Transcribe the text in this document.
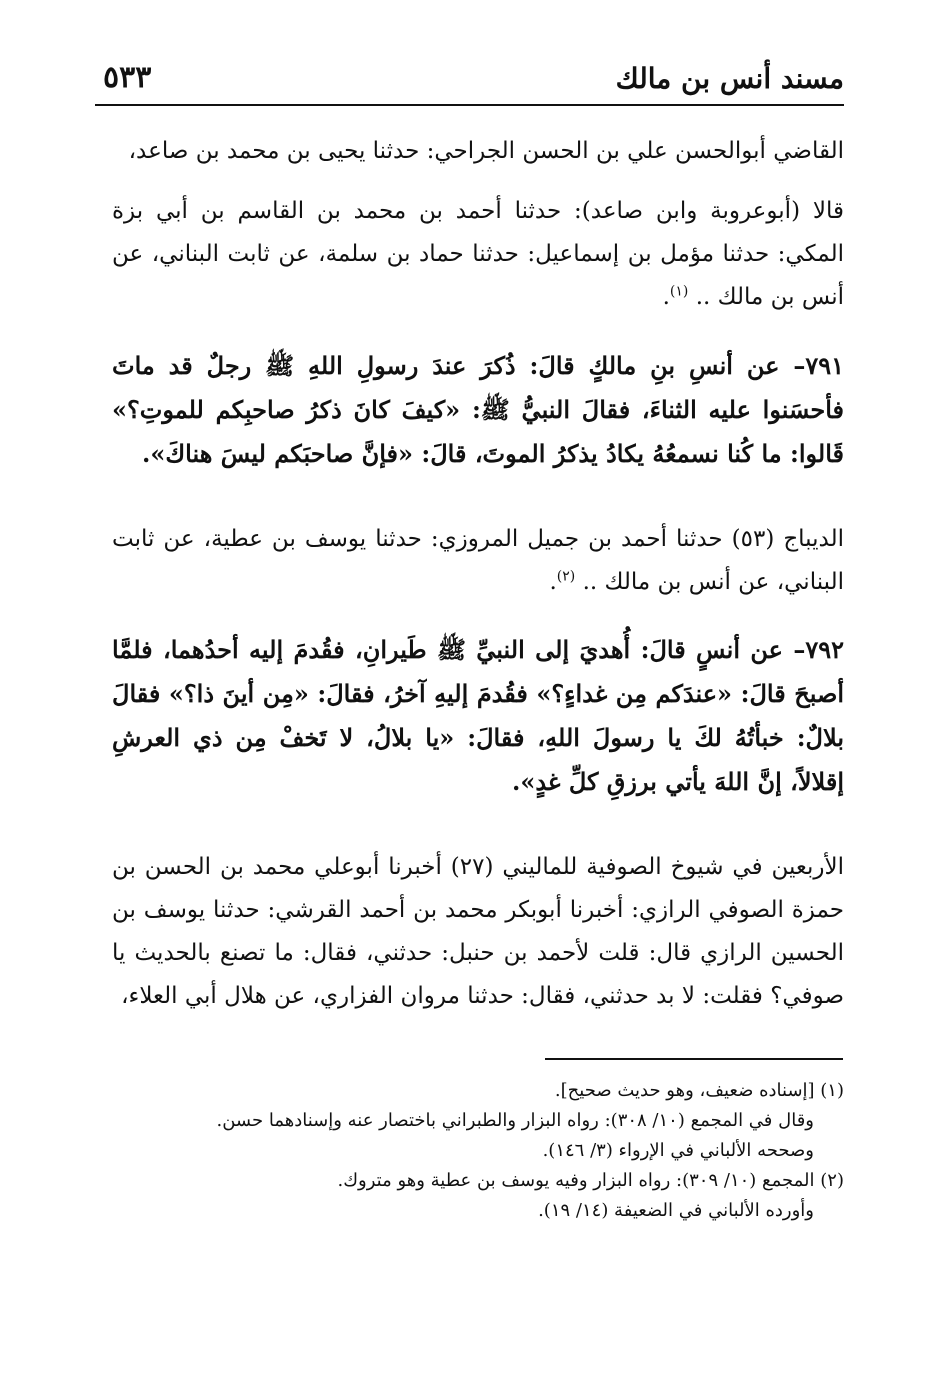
مسند أنس بن مالك
٥٣٣
القاضي أبوالحسن علي بن الحسن الجراحي: حدثنا يحيى بن محمد بن صاعد،
قالا (أبوعروبة وابن صاعد): حدثنا أحمد بن محمد بن القاسم بن أبي بزة المكي: حدثنا مؤمل بن إسماعيل: حدثنا حماد بن سلمة، عن ثابت البناني، عن أنس بن مالك .. $^{(١)}$.
٧٩١– عن أنسِ بنِ مالكٍ قالَ: ذُكرَ عندَ رسولِ اللهِ ﷺ رجلٌ قد ماتَ فأحسَنوا عليه الثناءَ، فقالَ النبيُّ ﷺ: «كيفَ كانَ ذكرُ صاحبِكم للموتِ؟» قَالوا: ما كُنا نسمعُهُ يكادُ يذكرُ الموتَ، قالَ: «فإنَّ صاحبَكم ليسَ هناكَ».
الديباج (٥٣) حدثنا أحمد بن جميل المروزي: حدثنا يوسف بن عطية، عن ثابت البناني، عن أنس بن مالك .. $^{(٢)}$.
٧٩٢– عن أنسٍ قالَ: أُهديَ إلى النبيِّ ﷺ طَيرانِ، فقُدمَ إليه أحدُهما، فلمَّا أصبحَ قالَ: «عندَكم مِن غداءٍ؟» فقُدمَ إليهِ آخرُ، فقالَ: «مِن أينَ ذا؟» فقالَ بلالٌ: خبأتُهُ لكَ يا رسولَ اللهِ، فقالَ: «يا بلالُ، لا تَخفْ مِن ذي العرشِ إقلالاً، إنَّ اللهَ يأتي برزقِ كلِّ غدٍ».
الأربعين في شيوخ الصوفية للماليني (٢٧) أخبرنا أبوعلي محمد بن الحسن بن حمزة الصوفي الرازي: أخبرنا أبوبكر محمد بن أحمد القرشي: حدثنا يوسف بن الحسين الرازي قال: قلت لأحمد بن حنبل: حدثني، فقال: ما تصنع بالحديث يا صوفي؟ فقلت: لا بد حدثني، فقال: حدثنا مروان الفزاري، عن هلال أبي العلاء،
(١) [إسناده ضعيف، وهو حديث صحيح].
وقال في المجمع (١٠/ ٣٠٨): رواه البزار والطبراني باختصار عنه وإسنادهما حسن.
وصححه الألباني في الإرواء (٣/ ١٤٦).
(٢) المجمع (١٠/ ٣٠٩): رواه البزار وفيه يوسف بن عطية وهو متروك.
وأورده الألباني في الضعيفة (١٤/ ١٩).
